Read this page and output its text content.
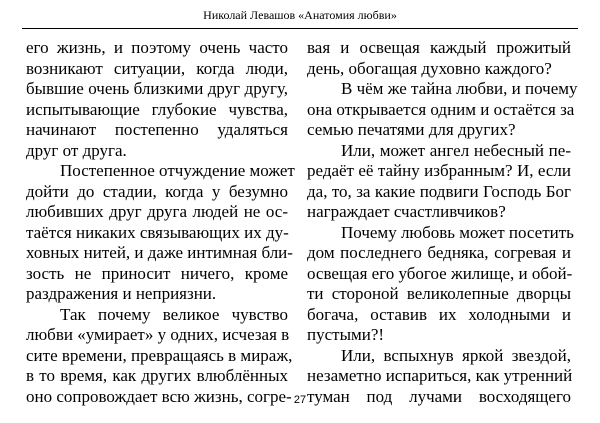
Николай Левашов «Анатомия любви»
его жизнь, и поэтому очень часто
возникают ситуации, когда люди,
бывшие очень близкими друг другу,
испытывающие глубокие чувства,
начинают постепенно удаляться
друг от друга.
Постепенное отчуждение может
дойти до стадии, когда у безумно
любивших друг друга людей не ос-
таётся никаких связывающих их ду-
ховных нитей, и даже интимная бли-
зость не приносит ничего, кроме
раздражения и неприязни.
Так почему великое чувство
любви «умирает» у одних, исчезая в
сите времени, превращаясь в мираж,
в то время, как других влюблённых
оно сопровождает всю жизнь, согре-
вая и освещая каждый прожитый
день, обогащая духовно каждого?
В чём же тайна любви, и почему
она открывается одним и остаётся за
семью печатями для других?
Или, может ангел небесный пе-
редаёт её тайну избранным? И, если
да, то, за какие подвиги Господь Бог
награждает счастливчиков?
Почему любовь может посетить
дом последнего бедняка, согревая и
освещая его убогое жилище, и обой-
ти стороной великолепные дворцы
богача, оставив их холодными и
пустыми?!
Или, вспыхнув яркой звездой,
незаметно испариться, как утренний
туман под лучами восходящего
27
